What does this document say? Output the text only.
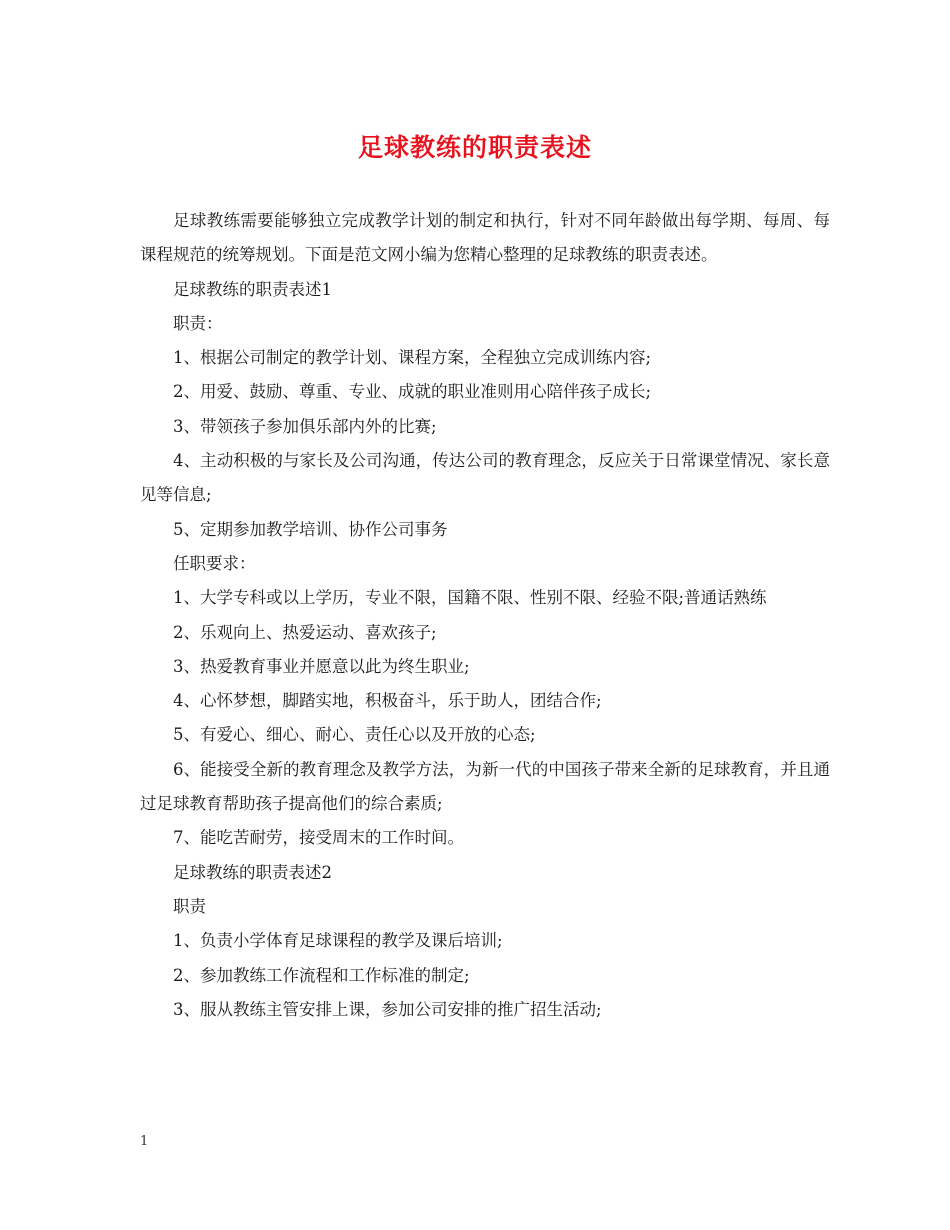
足球教练的职责表述

足球教练需要能够独立完成教学计划的制定和执行，针对不同年龄做出每学期、每周、每课程规范的统筹规划。下面是范文网小编为您精心整理的足球教练的职责表述。

足球教练的职责表述1

职责：

1、根据公司制定的教学计划、课程方案，全程独立完成训练内容;

2、用爱、鼓励、尊重、专业、成就的职业准则用心陪伴孩子成长;

3、带领孩子参加俱乐部内外的比赛;

4、主动积极的与家长及公司沟通，传达公司的教育理念，反应关于日常课堂情况、家长意见等信息;

5、定期参加教学培训、协作公司事务

任职要求：

1、大学专科或以上学历，专业不限，国籍不限、性别不限、经验不限;普通话熟练

2、乐观向上、热爱运动、喜欢孩子;

3、热爱教育事业并愿意以此为终生职业;

4、心怀梦想，脚踏实地，积极奋斗，乐于助人，团结合作;

5、有爱心、细心、耐心、责任心以及开放的心态;

6、能接受全新的教育理念及教学方法，为新一代的中国孩子带来全新的足球教育，并且通过足球教育帮助孩子提高他们的综合素质;

7、能吃苦耐劳，接受周末的工作时间。

足球教练的职责表述2

职责

1、负责小学体育足球课程的教学及课后培训;

2、参加教练工作流程和工作标准的制定;

3、服从教练主管安排上课，参加公司安排的推广招生活动;

1
